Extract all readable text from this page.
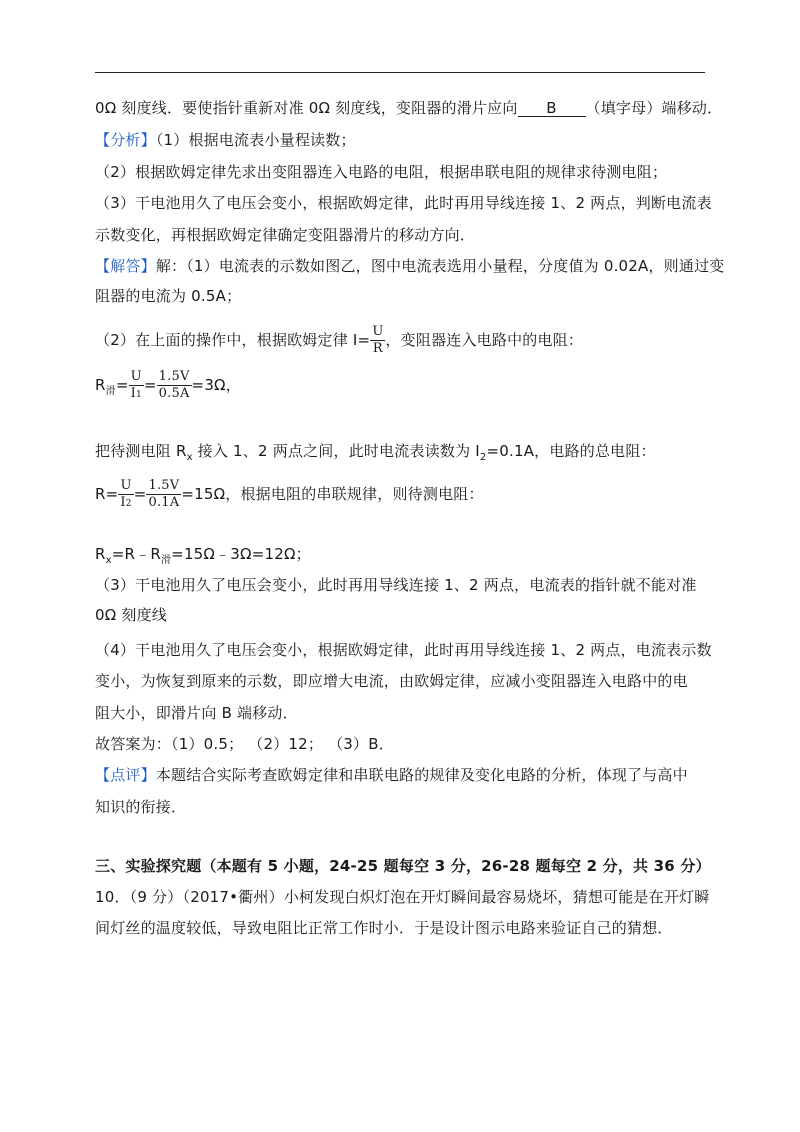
0Ω 刻度线．要使指针重新对准 0Ω 刻度线，变阻器的滑片应向 B （填字母）端移动．
【分析】（1）根据电流表小量程读数；
（2）根据欧姆定律先求出变阻器连入电路的电阻，根据串联电阻的规律求待测电阻；
（3）干电池用久了电压会变小，根据欧姆定律，此时再用导线连接 1、2 两点，判断电流表
示数变化，再根据欧姆定律确定变阻器滑片的移动方向．
【解答】解：（1）电流表的示数如图乙，图中电流表选用小量程，分度值为 0.02A，则通过变
阻器的电流为 0.5A；
（2）在上面的操作中，根据欧姆定律 $I= \frac{U}{R}$ ，变阻器连入电路中的电阻：
$R_滑= \frac{U}{I1} = \frac{1.5V}{0.5A} =3\Omega$，
把待测电阻 $R_x$ 接入 1、2 两点之间，此时电流表读数为 $I_2=0.1A$，电路的总电阻：
$R= \frac{U}{I2} = \frac{1.5V}{0.1A} =15\Omega$，根据电阻的串联规律，则待测电阻：
$R_x=R﹣R_滑=15\Omega﹣3\Omega=12\Omega$；
（3）干电池用久了电压会变小，此时再用导线连接 1、2 两点，电流表的指针就不能对准
0Ω 刻度线
（4）干电池用久了电压会变小，根据欧姆定律，此时再用导线连接 1、2 两点，电流表示数
变小，为恢复到原来的示数，即应增大电流，由欧姆定律，应减小变阻器连入电路中的电
阻大小，即滑片向 B 端移动．
故答案为：（1）0.5； （2）12； （3）B．
【点评】本题结合实际考查欧姆定律和串联电路的规律及变化电路的分析，体现了与高中
知识的衔接．
三、实验探究题（本题有 5 小题，24-25 题每空 3 分，26-28 题每空 2 分，共 36 分）
10．（9 分）（2017•衢州）小柯发现白炽灯泡在开灯瞬间最容易烧坏，猜想可能是在开灯瞬
间灯丝的温度较低，导致电阻比正常工作时小．于是设计图示电路来验证自己的猜想．
